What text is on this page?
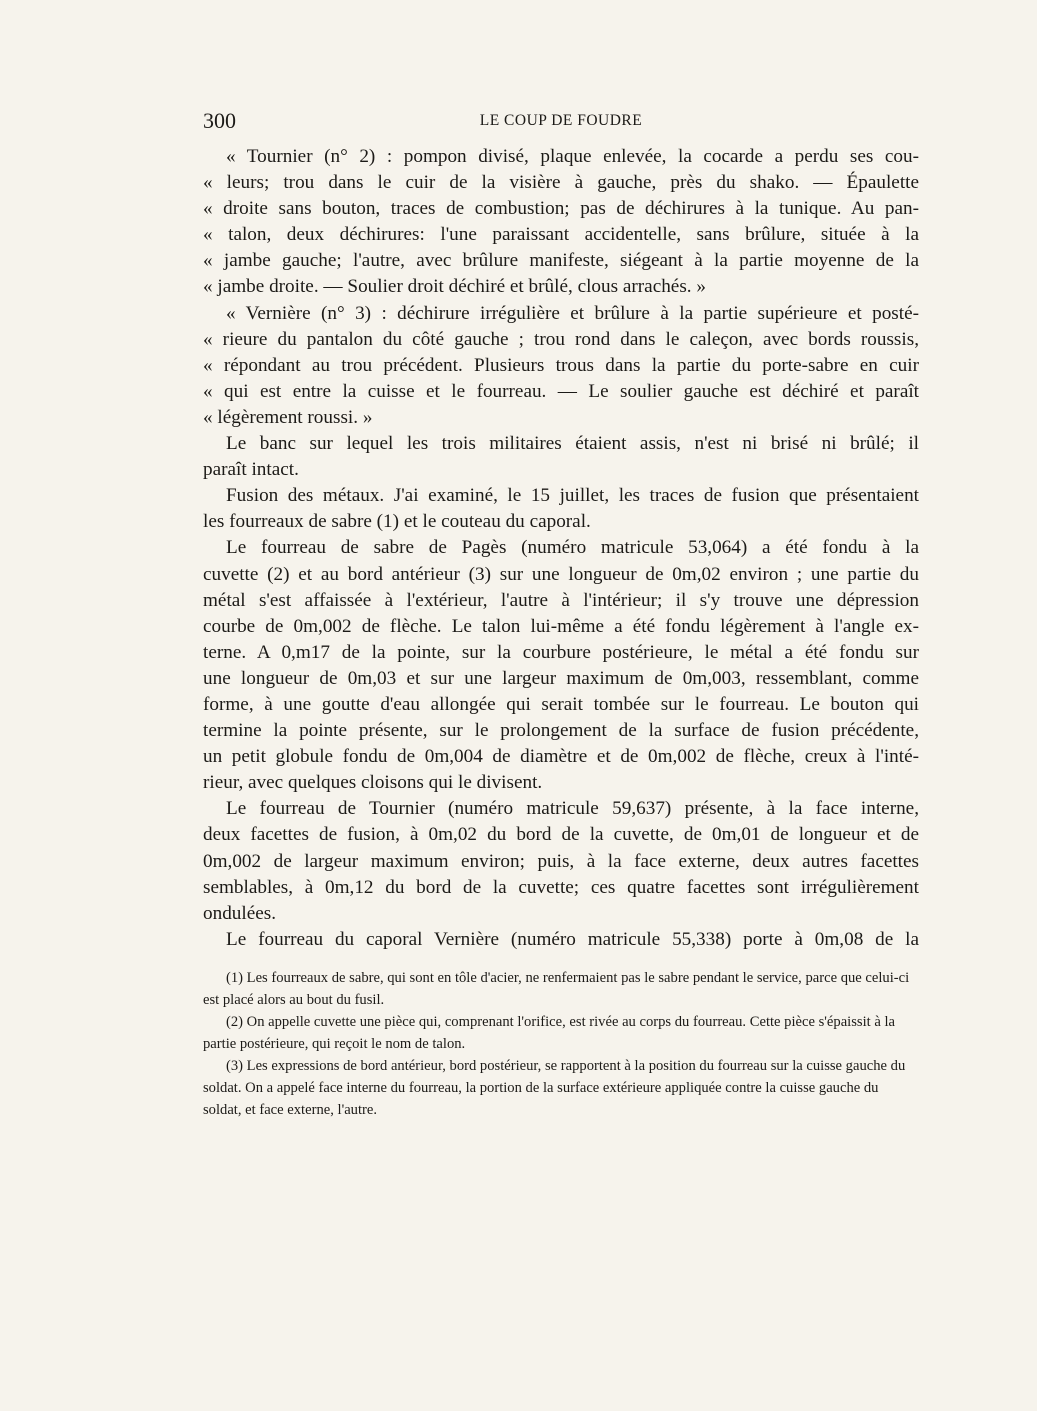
300	LE COUP DE FOUDRE

« Tournier (n° 2) : pompon divisé, plaque enlevée, la cocarde a perdu ses cou-
« leurs; trou dans le cuir de la visière à gauche, près du shako. — Épaulette
« droite sans bouton, traces de combustion; pas de déchirures à la tunique. Au pan-
« talon, deux déchirures: l'une paraissant accidentelle, sans brûlure, située à la
« jambe gauche; l'autre, avec brûlure manifeste, siégeant à la partie moyenne de la
« jambe droite. — Soulier droit déchiré et brûlé, clous arrachés. »

« Vernière (n° 3) : déchirure irrégulière et brûlure à la partie supérieure et posté-
« rieure du pantalon du côté gauche ; trou rond dans le caleçon, avec bords roussis,
« répondant au trou précédent. Plusieurs trous dans la partie du porte-sabre en cuir
« qui est entre la cuisse et le fourreau. — Le soulier gauche est déchiré et paraît
« légèrement roussi. »

Le banc sur lequel les trois militaires étaient assis, n'est ni brisé ni brûlé; il
paraît intact.

Fusion des métaux. J'ai examiné, le 15 juillet, les traces de fusion que présentaient
les fourreaux de sabre (1) et le couteau du caporal.

Le fourreau de sabre de Pagès (numéro matricule 53,064) a été fondu à la
cuvette (2) et au bord antérieur (3) sur une longueur de 0m,02 environ ; une partie du
métal s'est affaissée à l'extérieur, l'autre à l'intérieur; il s'y trouve une dépression
courbe de 0m,002 de flèche. Le talon lui-même a été fondu légèrement à l'angle ex-
terne. A 0,m17 de la pointe, sur la courbure postérieure, le métal a été fondu sur
une longueur de 0m,03 et sur une largeur maximum de 0m,003, ressemblant, comme
forme, à une goutte d'eau allongée qui serait tombée sur le fourreau. Le bouton qui
termine la pointe présente, sur le prolongement de la surface de fusion précédente,
un petit globule fondu de 0m,004 de diamètre et de 0m,002 de flèche, creux à l'inté-
rieur, avec quelques cloisons qui le divisent.

Le fourreau de Tournier (numéro matricule 59,637) présente, à la face interne,
deux facettes de fusion, à 0m,02 du bord de la cuvette, de 0m,01 de longueur et de
0m,002 de largeur maximum environ; puis, à la face externe, deux autres facettes
semblables, à 0m,12 du bord de la cuvette; ces quatre facettes sont irrégulièrement
ondulées.

Le fourreau du caporal Vernière (numéro matricule 55,338) porte à 0m,08 de la

(1) Les fourreaux de sabre, qui sont en tôle d'acier, ne renfermaient pas le sabre pendant le service, parce que celui-ci est placé alors au bout du fusil.

(2) On appelle cuvette une pièce qui, comprenant l'orifice, est rivée au corps du fourreau. Cette pièce s'épaissit à la partie postérieure, qui reçoit le nom de talon.

(3) Les expressions de bord antérieur, bord postérieur, se rapportent à la position du fourreau sur la cuisse gauche du soldat. On a appelé face interne du fourreau, la portion de la surface extérieure appliquée contre la cuisse gauche du soldat, et face externe, l'autre.
